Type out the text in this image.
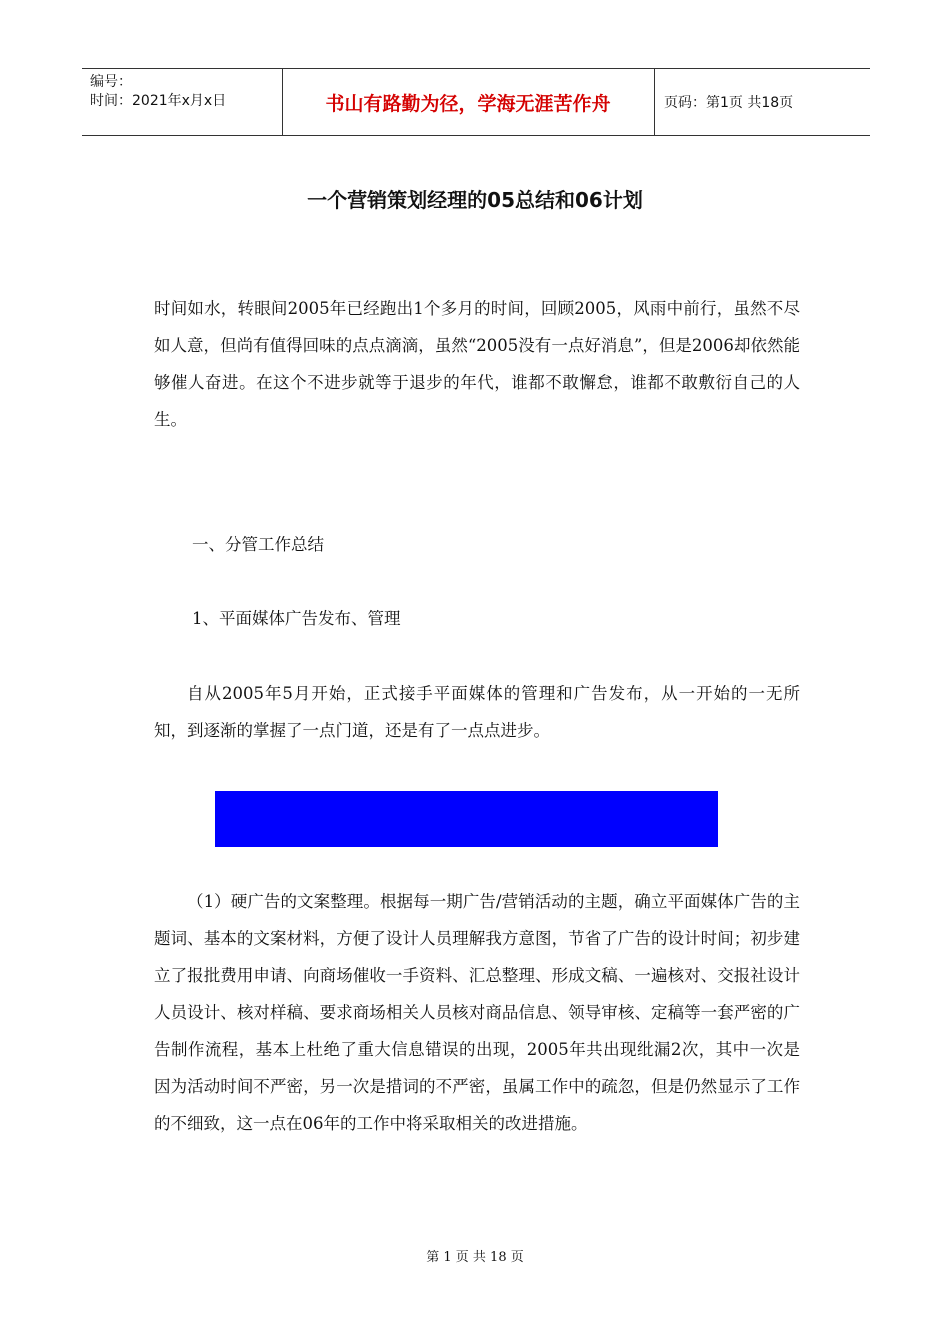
编号：
时间：2021年x月x日	书山有路勤为径，学海无涯苦作舟	页码：第1页 共18页
一个营销策划经理的05总结和06计划

时间如水，转眼间2005年已经跑出1个多月的时间，回顾2005，风雨中前行，虽然不尽如人意，但尚有值得回味的点点滴滴，虽然“2005没有一点好消息”，但是2006却依然能够催人奋进。在这个不进步就等于退步的年代，谁都不敢懈怠，谁都不敢敷衍自己的人生。

一、分管工作总结
1、平面媒体广告发布、管理

自从2005年5月开始，正式接手平面媒体的管理和广告发布，从一开始的一无所知，到逐渐的掌握了一点门道，还是有了一点点进步。

（1）硬广告的文案整理。根据每一期广告/营销活动的主题，确立平面媒体广告的主题词、基本的文案材料，方便了设计人员理解我方意图，节省了广告的设计时间；初步建立了报批费用申请、向商场催收一手资料、汇总整理、形成文稿、一遍核对、交报社设计人员设计、核对样稿、要求商场相关人员核对商品信息、领导审核、定稿等一套严密的广告制作流程，基本上杜绝了重大信息错误的出现，2005年共出现纰漏2次，其中一次是因为活动时间不严密，另一次是措词的不严密，虽属工作中的疏忽，但是仍然显示了工作的不细致，这一点在06年的工作中将采取相关的改进措施。

第 1 页 共 18 页
